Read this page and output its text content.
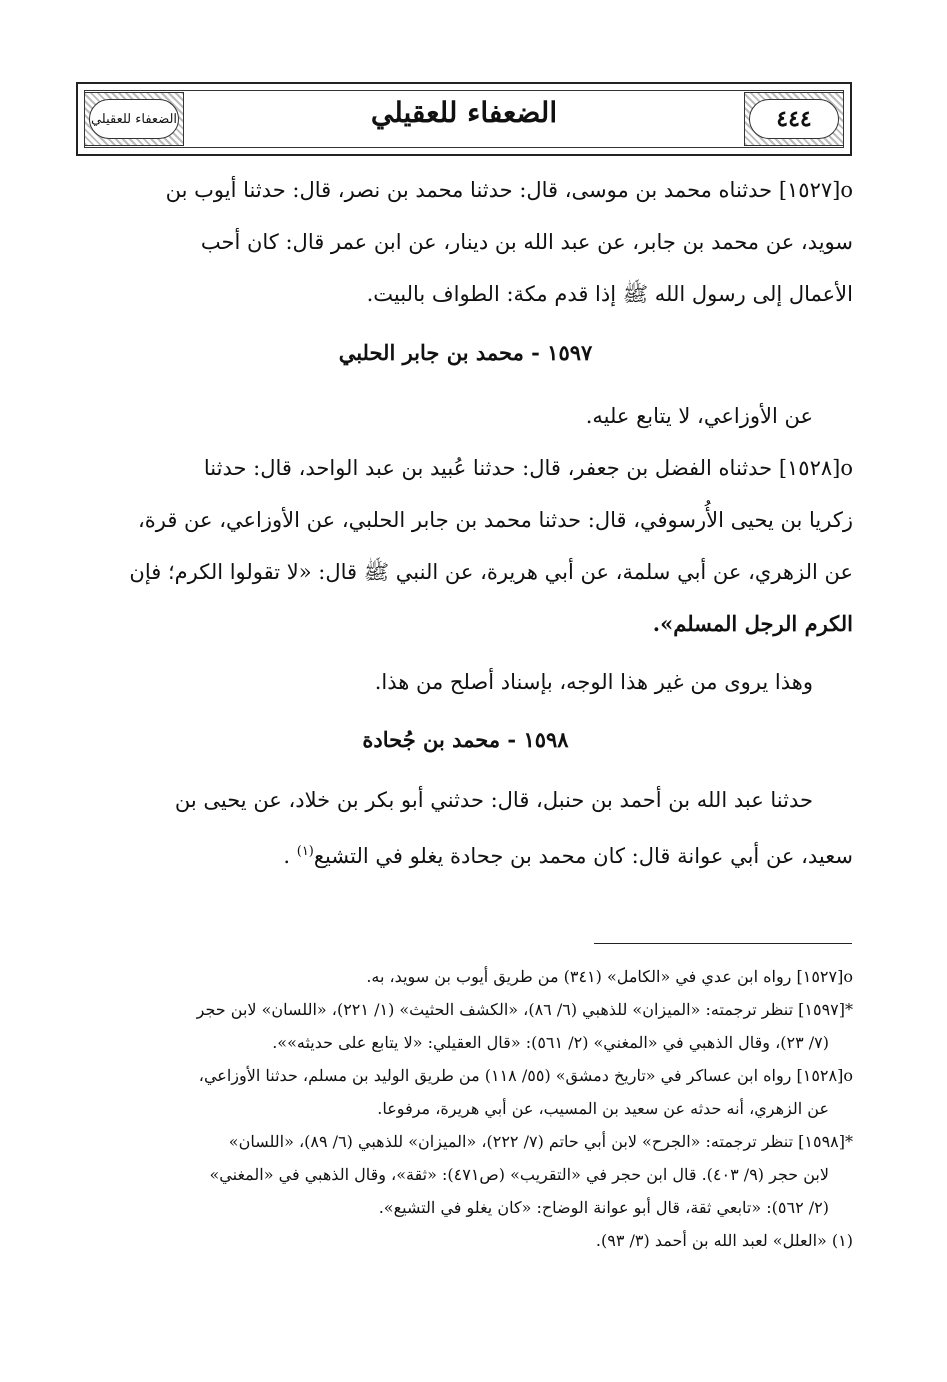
الضعفاء للعقيلي	الضعفاء للعقيلي	٤٤٤

o[١٥٢٧] حدثناه محمد بن موسى، قال: حدثنا محمد بن نصر، قال: حدثنا أيوب بن

سويد، عن محمد بن جابر، عن عبد الله بن دينار، عن ابن عمر قال: كان أحب

الأعمال إلى رسول الله ﷺ إذا قدم مكة: الطواف بالبيت.

١٥٩٧ - محمد بن جابر الحلبي

عن الأوزاعي، لا يتابع عليه.

o[١٥٢٨] حدثناه الفضل بن جعفر، قال: حدثنا عُبيد بن عبد الواحد، قال: حدثنا

زكريا بن يحيى الأُرسوفي، قال: حدثنا محمد بن جابر الحلبي، عن الأوزاعي، عن قرة،

عن الزهري، عن أبي سلمة، عن أبي هريرة، عن النبي ﷺ قال: «لا تقولوا الكرم؛ فإن

الكرم الرجل المسلم».

وهذا يروى من غير هذا الوجه، بإسناد أصلح من هذا.

١٥٩٨ - محمد بن جُحادة

حدثنا عبد الله بن أحمد بن حنبل، قال: حدثني أبو بكر بن خلاد، عن يحيى بن

سعيد، عن أبي عوانة قال: كان محمد بن جحادة يغلو في التشيع$^{(١)}$ .

o[١٥٢٧] رواه ابن عدي في «الكامل» (٣٤١) من طريق أيوب بن سويد، به.

*[١٥٩٧] تنظر ترجمته: «الميزان» للذهبي (٦/ ٨٦)، «الكشف الحثيث» (١/ ٢٢١)، «اللسان» لابن حجر

(٧/ ٢٣)، وقال الذهبي في «المغني» (٢/ ٥٦١): «قال العقيلي: «لا يتابع على حديثه»».

o[١٥٢٨] رواه ابن عساكر في «تاريخ دمشق» (٥٥/ ١١٨) من طريق الوليد بن مسلم، حدثنا الأوزاعي،

عن الزهري، أنه حدثه عن سعيد بن المسيب، عن أبي هريرة، مرفوعا.

*[١٥٩٨] تنظر ترجمته: «الجرح» لابن أبي حاتم (٧/ ٢٢٢)، «الميزان» للذهبي (٦/ ٨٩)، «اللسان»

لابن حجر (٩/ ٤٠٣). قال ابن حجر في «التقريب» (ص٤٧١): «ثقة»، وقال الذهبي في «المغني»

(٢/ ٥٦٢): «تابعي ثقة، قال أبو عوانة الوضاح: «كان يغلو في التشيع».

(١) «العلل» لعبد الله بن أحمد (٣/ ٩٣).
